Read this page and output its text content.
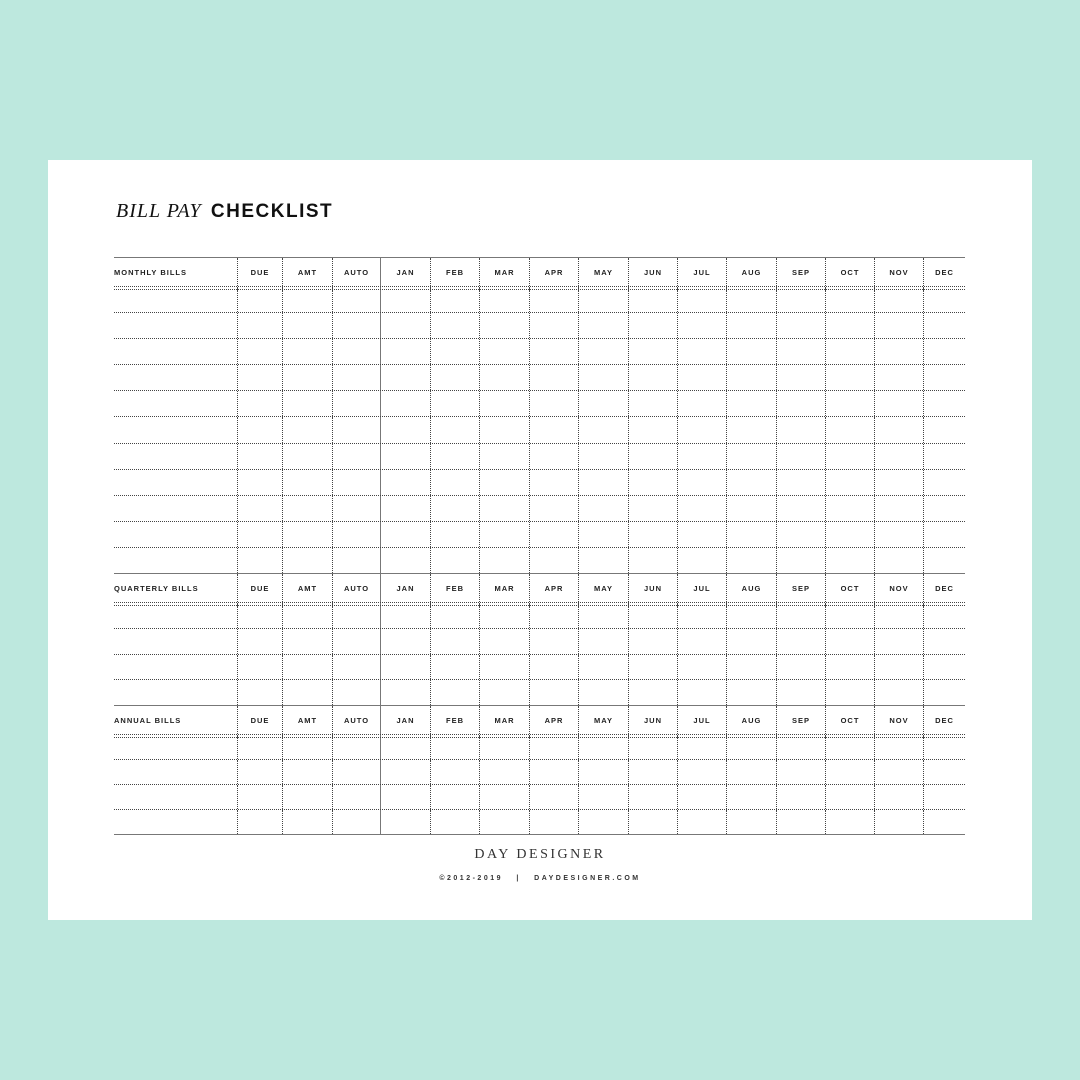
BILL PAY CHECKLIST
MONTHLY BILLS	DUE	AMT	AUTO	JAN	FEB	MAR	APR	MAY	JUN	JUL	AUG	SEP	OCT	NOV	DEC
QUARTERLY BILLS	DUE	AMT	AUTO	JAN	FEB	MAR	APR	MAY	JUN	JUL	AUG	SEP	OCT	NOV	DEC
ANNUAL BILLS	DUE	AMT	AUTO	JAN	FEB	MAR	APR	MAY	JUN	JUL	AUG	SEP	OCT	NOV	DEC
DAY DESIGNER
©2012-2019 | DAYDESIGNER.COM
